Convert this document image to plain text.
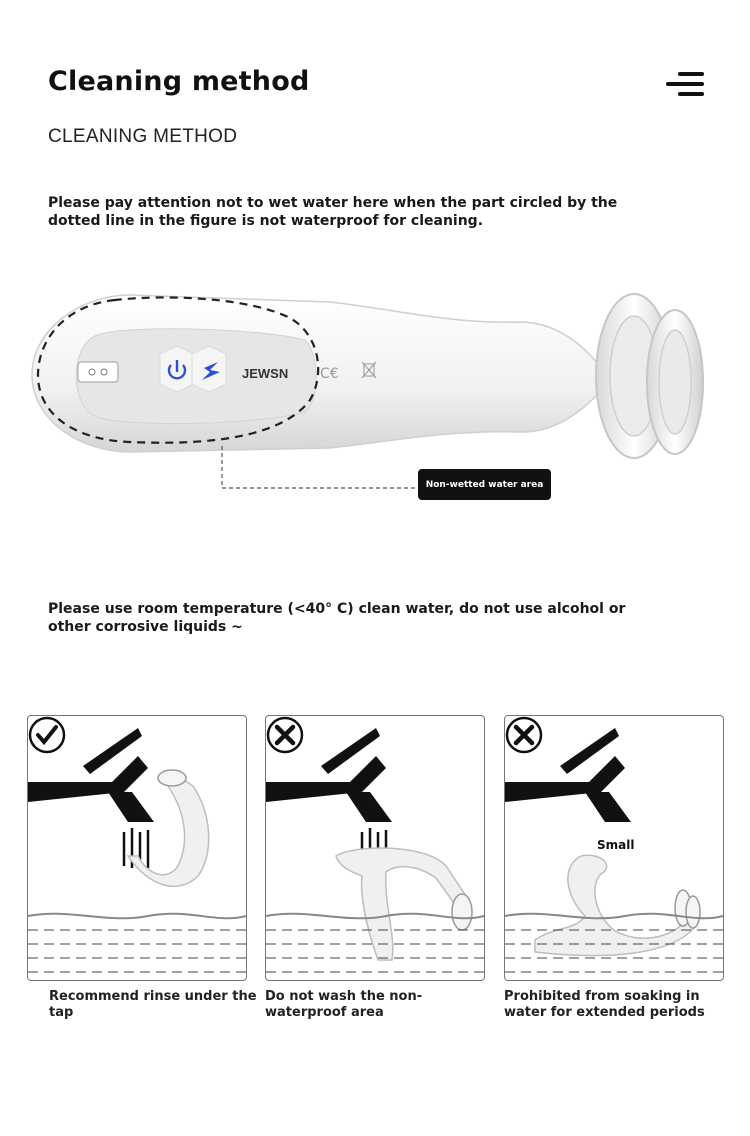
Cleaning method
CLEANING METHOD
Please pay attention not to wet water here when the part circled by the dotted line in the figure is not waterproof for cleaning.
JEWSN C€
Non-wetted water area
Please use room temperature (<40° C) clean water, do not use alcohol or other corrosive liquids ~
Small
Recommend rinse under the tap
Do not wash the non-waterproof area
Prohibited from soaking in water for extended periods
